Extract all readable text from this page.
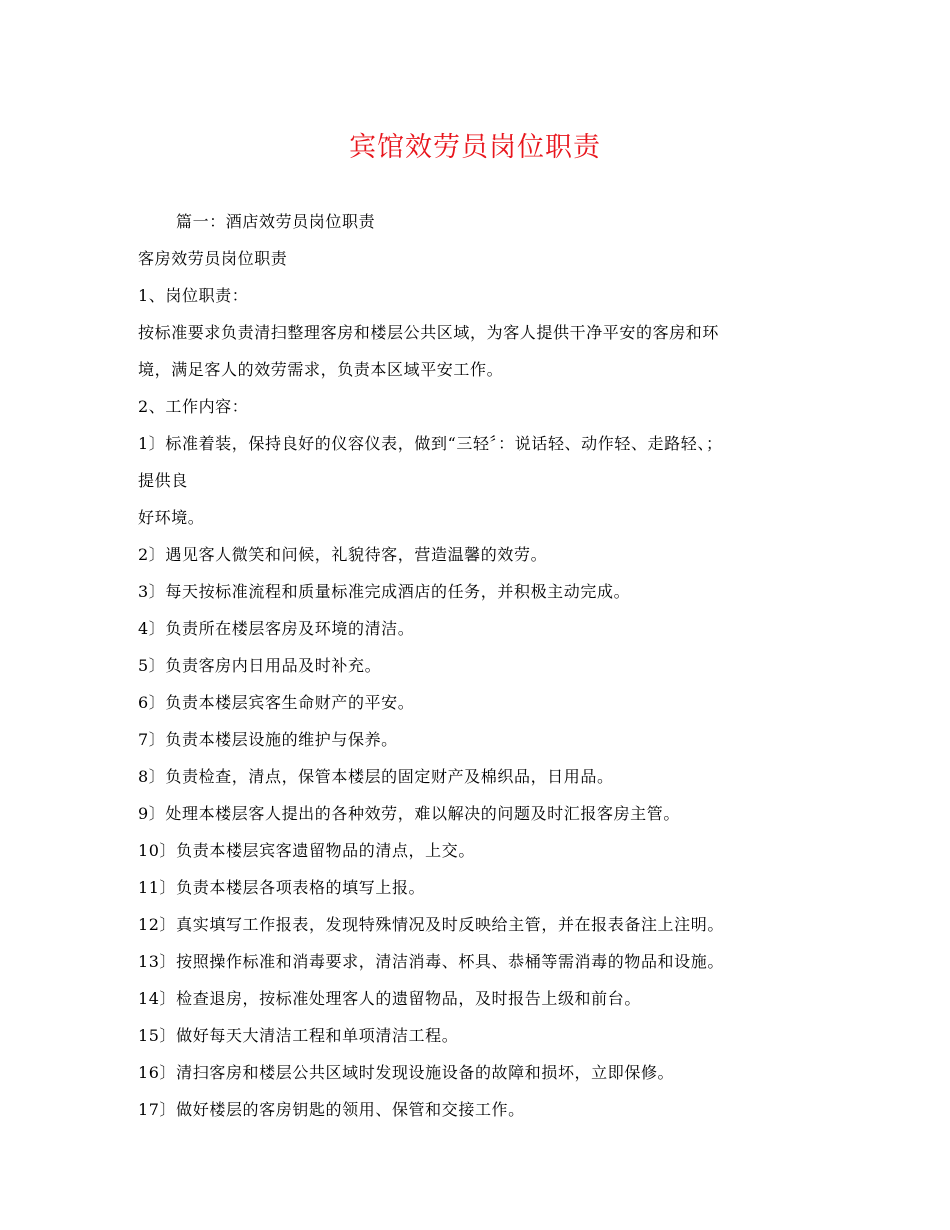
宾馆效劳员岗位职责
篇一：酒店效劳员岗位职责
客房效劳员岗位职责
1、岗位职责：
按标准要求负责清扫整理客房和楼层公共区域，为客人提供干净平安的客房和环
境，满足客人的效劳需求，负责本区域平安工作。
2、工作内容：
1〕标准着装，保持良好的仪容仪表，做到“三轻〞：说话轻、动作轻、走路轻、；
提供良
好环境。
2〕遇见客人微笑和问候，礼貌待客，营造温馨的效劳。
3〕每天按标准流程和质量标准完成酒店的任务，并积极主动完成。
4〕负责所在楼层客房及环境的清洁。
5〕负责客房内日用品及时补充。
6〕负责本楼层宾客生命财产的平安。
7〕负责本楼层设施的维护与保养。
8〕负责检查，清点，保管本楼层的固定财产及棉织品，日用品。
9〕处理本楼层客人提出的各种效劳，难以解决的问题及时汇报客房主管。
10〕负责本楼层宾客遗留物品的清点，上交。
11〕负责本楼层各项表格的填写上报。
12〕真实填写工作报表，发现特殊情况及时反映给主管，并在报表备注上注明。
13〕按照操作标准和消毒要求，清洁消毒、杯具、恭桶等需消毒的物品和设施。
14〕检查退房，按标准处理客人的遗留物品，及时报告上级和前台。
15〕做好每天大清洁工程和单项清洁工程。
16〕清扫客房和楼层公共区域时发现设施设备的故障和损坏，立即保修。
17〕做好楼层的客房钥匙的领用、保管和交接工作。
